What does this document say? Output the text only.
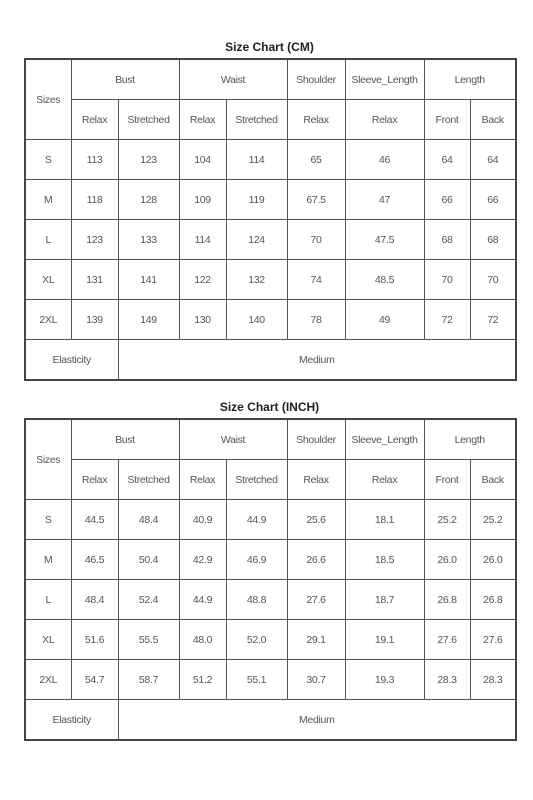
Size Chart (CM)
Sizes	Bust	Waist	Shoulder	Sleeve_Length	Length
Relax	Stretched	Relax	Stretched	Relax	Relax	Front	Back
S	113	123	104	114	65	46	64	64
M	118	128	109	119	67.5	47	66	66
L	123	133	114	124	70	47.5	68	68
XL	131	141	122	132	74	48.5	70	70
2XL	139	149	130	140	78	49	72	72
Elasticity	Medium
Size Chart (INCH)
Sizes	Bust	Waist	Shoulder	Sleeve_Length	Length
Relax	Stretched	Relax	Stretched	Relax	Relax	Front	Back
S	44.5	48.4	40.9	44.9	25.6	18.1	25.2	25.2
M	46.5	50.4	42.9	46.9	26.6	18.5	26.0	26.0
L	48.4	52.4	44.9	48.8	27.6	18.7	26.8	26.8
XL	51.6	55.5	48.0	52.0	29.1	19.1	27.6	27.6
2XL	54.7	58.7	51.2	55.1	30.7	19.3	28.3	28.3
Elasticity	Medium
